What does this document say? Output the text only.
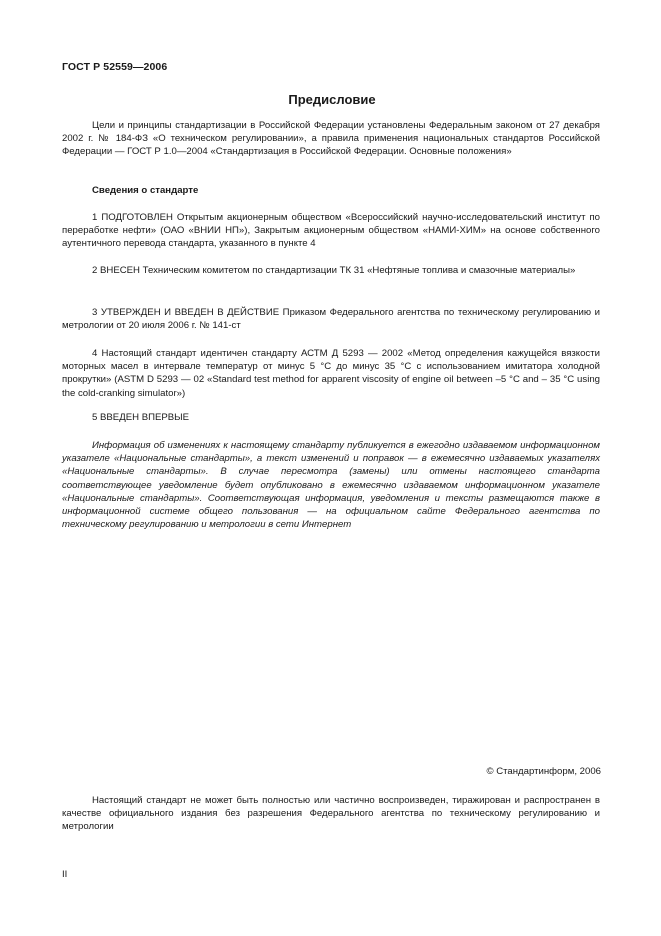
ГОСТ Р 52559—2006
Предисловие

Цели и принципы стандартизации в Российской Федерации установлены Федеральным законом от 27 декабря 2002 г. № 184-ФЗ «О техническом регулировании», а правила применения национальных стандартов Российской Федерации — ГОСТ Р 1.0—2004 «Стандартизация в Российской Федерации. Основные положения»

Сведения о стандарте

1 ПОДГОТОВЛЕН Открытым акционерным обществом «Всероссийский научно-исследовательский институт по переработке нефти» (ОАО «ВНИИ НП»), Закрытым акционерным обществом «НАМИ-ХИМ» на основе собственного аутентичного перевода стандарта, указанного в пункте 4

2 ВНЕСЕН Техническим комитетом по стандартизации ТК 31 «Нефтяные топлива и смазочные материалы»

3 УТВЕРЖДЕН И ВВЕДЕН В ДЕЙСТВИЕ Приказом Федерального агентства по техническому регулированию и метрологии от 20 июля 2006 г. № 141-ст

4 Настоящий стандарт идентичен стандарту АСТМ Д 5293 — 2002 «Метод определения кажущейся вязкости моторных масел в интервале температур от минус 5 °С до минус 35 °С с использованием имитатора холодной прокрутки» (ASTM D 5293 — 02 «Standard test method for apparent viscosity of engine oil between –5 °C and – 35 °C using the cold-cranking simulator»)

5 ВВЕДЕН ВПЕРВЫЕ

Информация об изменениях к настоящему стандарту публикуется в ежегодно издаваемом информационном указателе «Национальные стандарты», а текст изменений и поправок — в ежемесячно издаваемых указателях «Национальные стандарты». В случае пересмотра (замены) или отмены настоящего стандарта соответствующее уведомление будет опубликовано в ежемесячно издаваемом информационном указателе «Национальные стандарты». Соответствующая информация, уведомления и тексты размещаются также в информационной системе общего пользования — на официальном сайте Федерального агентства по техническому регулированию и метрологии в сети Интернет

© Стандартинформ, 2006

Настоящий стандарт не может быть полностью или частично воспроизведен, тиражирован и распространен в качестве официального издания без разрешения Федерального агентства по техническому регулированию и метрологии

II
